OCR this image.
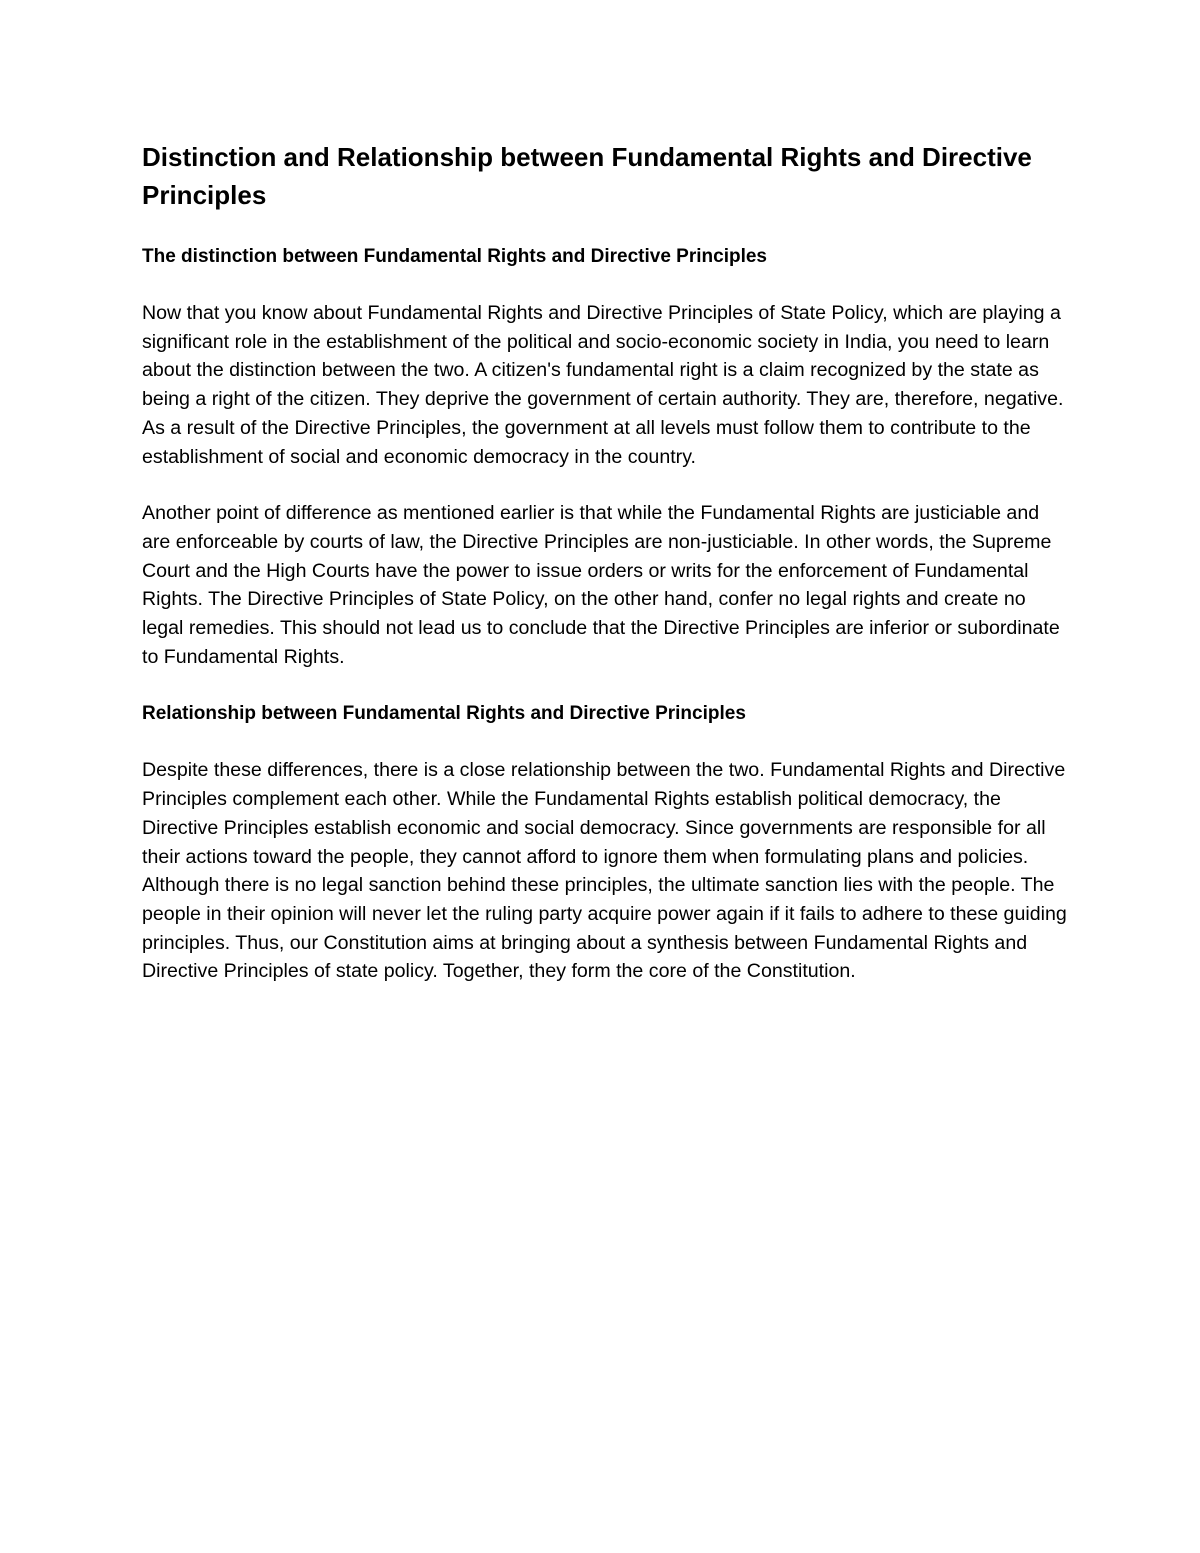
Distinction and Relationship between Fundamental Rights and Directive Principles
The distinction between Fundamental Rights and Directive Principles

Now that you know about Fundamental Rights and Directive Principles of State Policy, which are playing a significant role in the establishment of the political and socio-economic society in India, you need to learn about the distinction between the two. A citizen's fundamental right is a claim recognized by the state as being a right of the citizen. They deprive the government of certain authority. They are, therefore, negative. As a result of the Directive Principles, the government at all levels must follow them to contribute to the establishment of social and economic democracy in the country.

Another point of difference as mentioned earlier is that while the Fundamental Rights are justiciable and are enforceable by courts of law, the Directive Principles are non-justiciable. In other words, the Supreme Court and the High Courts have the power to issue orders or writs for the enforcement of Fundamental Rights. The Directive Principles of State Policy, on the other hand, confer no legal rights and create no legal remedies. This should not lead us to conclude that the Directive Principles are inferior or subordinate to Fundamental Rights.

Relationship between Fundamental Rights and Directive Principles

Despite these differences, there is a close relationship between the two. Fundamental Rights and Directive Principles complement each other. While the Fundamental Rights establish political democracy, the Directive Principles establish economic and social democracy. Since governments are responsible for all their actions toward the people, they cannot afford to ignore them when formulating plans and policies. Although there is no legal sanction behind these principles, the ultimate sanction lies with the people. The people in their opinion will never let the ruling party acquire power again if it fails to adhere to these guiding principles. Thus, our Constitution aims at bringing about a synthesis between Fundamental Rights and Directive Principles of state policy. Together, they form the core of the Constitution.
